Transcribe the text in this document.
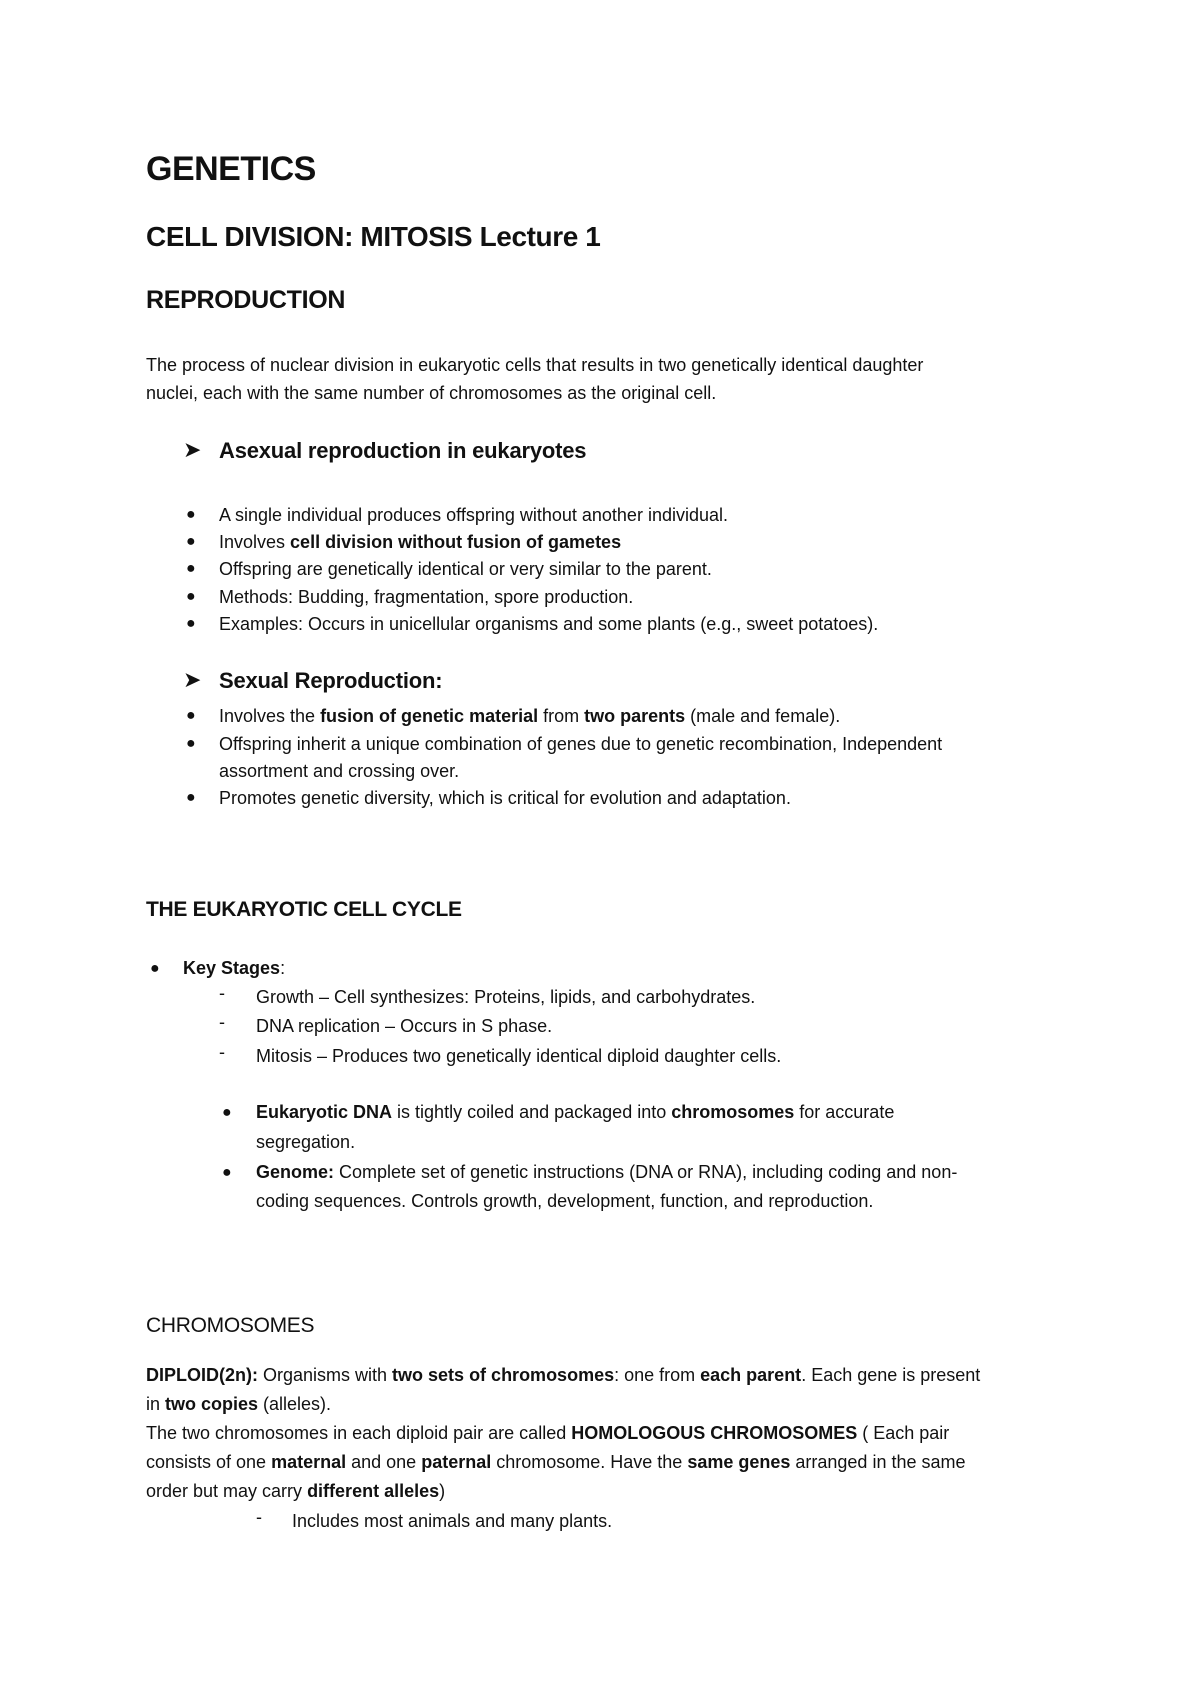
GENETICS
CELL DIVISION: MITOSIS Lecture 1
REPRODUCTION
The process of nuclear division in eukaryotic cells that results in two genetically identical daughter
nuclei, each with the same number of chromosomes as the original cell.
➤ Asexual reproduction in eukaryotes
● A single individual produces offspring without another individual.
● Involves cell division without fusion of gametes
● Offspring are genetically identical or very similar to the parent.
● Methods: Budding, fragmentation, spore production.
● Examples: Occurs in unicellular organisms and some plants (e.g., sweet potatoes).
➤ Sexual Reproduction:
● Involves the fusion of genetic material from two parents (male and female).
● Offspring inherit a unique combination of genes due to genetic recombination, Independent
assortment and crossing over.
● Promotes genetic diversity, which is critical for evolution and adaptation.
THE EUKARYOTIC CELL CYCLE
● Key Stages:
- Growth – Cell synthesizes: Proteins, lipids, and carbohydrates.
- DNA replication – Occurs in S phase.
- Mitosis – Produces two genetically identical diploid daughter cells.
● Eukaryotic DNA is tightly coiled and packaged into chromosomes for accurate
segregation.
● Genome: Complete set of genetic instructions (DNA or RNA), including coding and non-
coding sequences. Controls growth, development, function, and reproduction.
CHROMOSOMES
DIPLOID(2n): Organisms with two sets of chromosomes: one from each parent. Each gene is present
in two copies (alleles).
The two chromosomes in each diploid pair are called HOMOLOGOUS CHROMOSOMES ( Each pair
consists of one maternal and one paternal chromosome. Have the same genes arranged in the same
order but may carry different alleles)
- Includes most animals and many plants.
